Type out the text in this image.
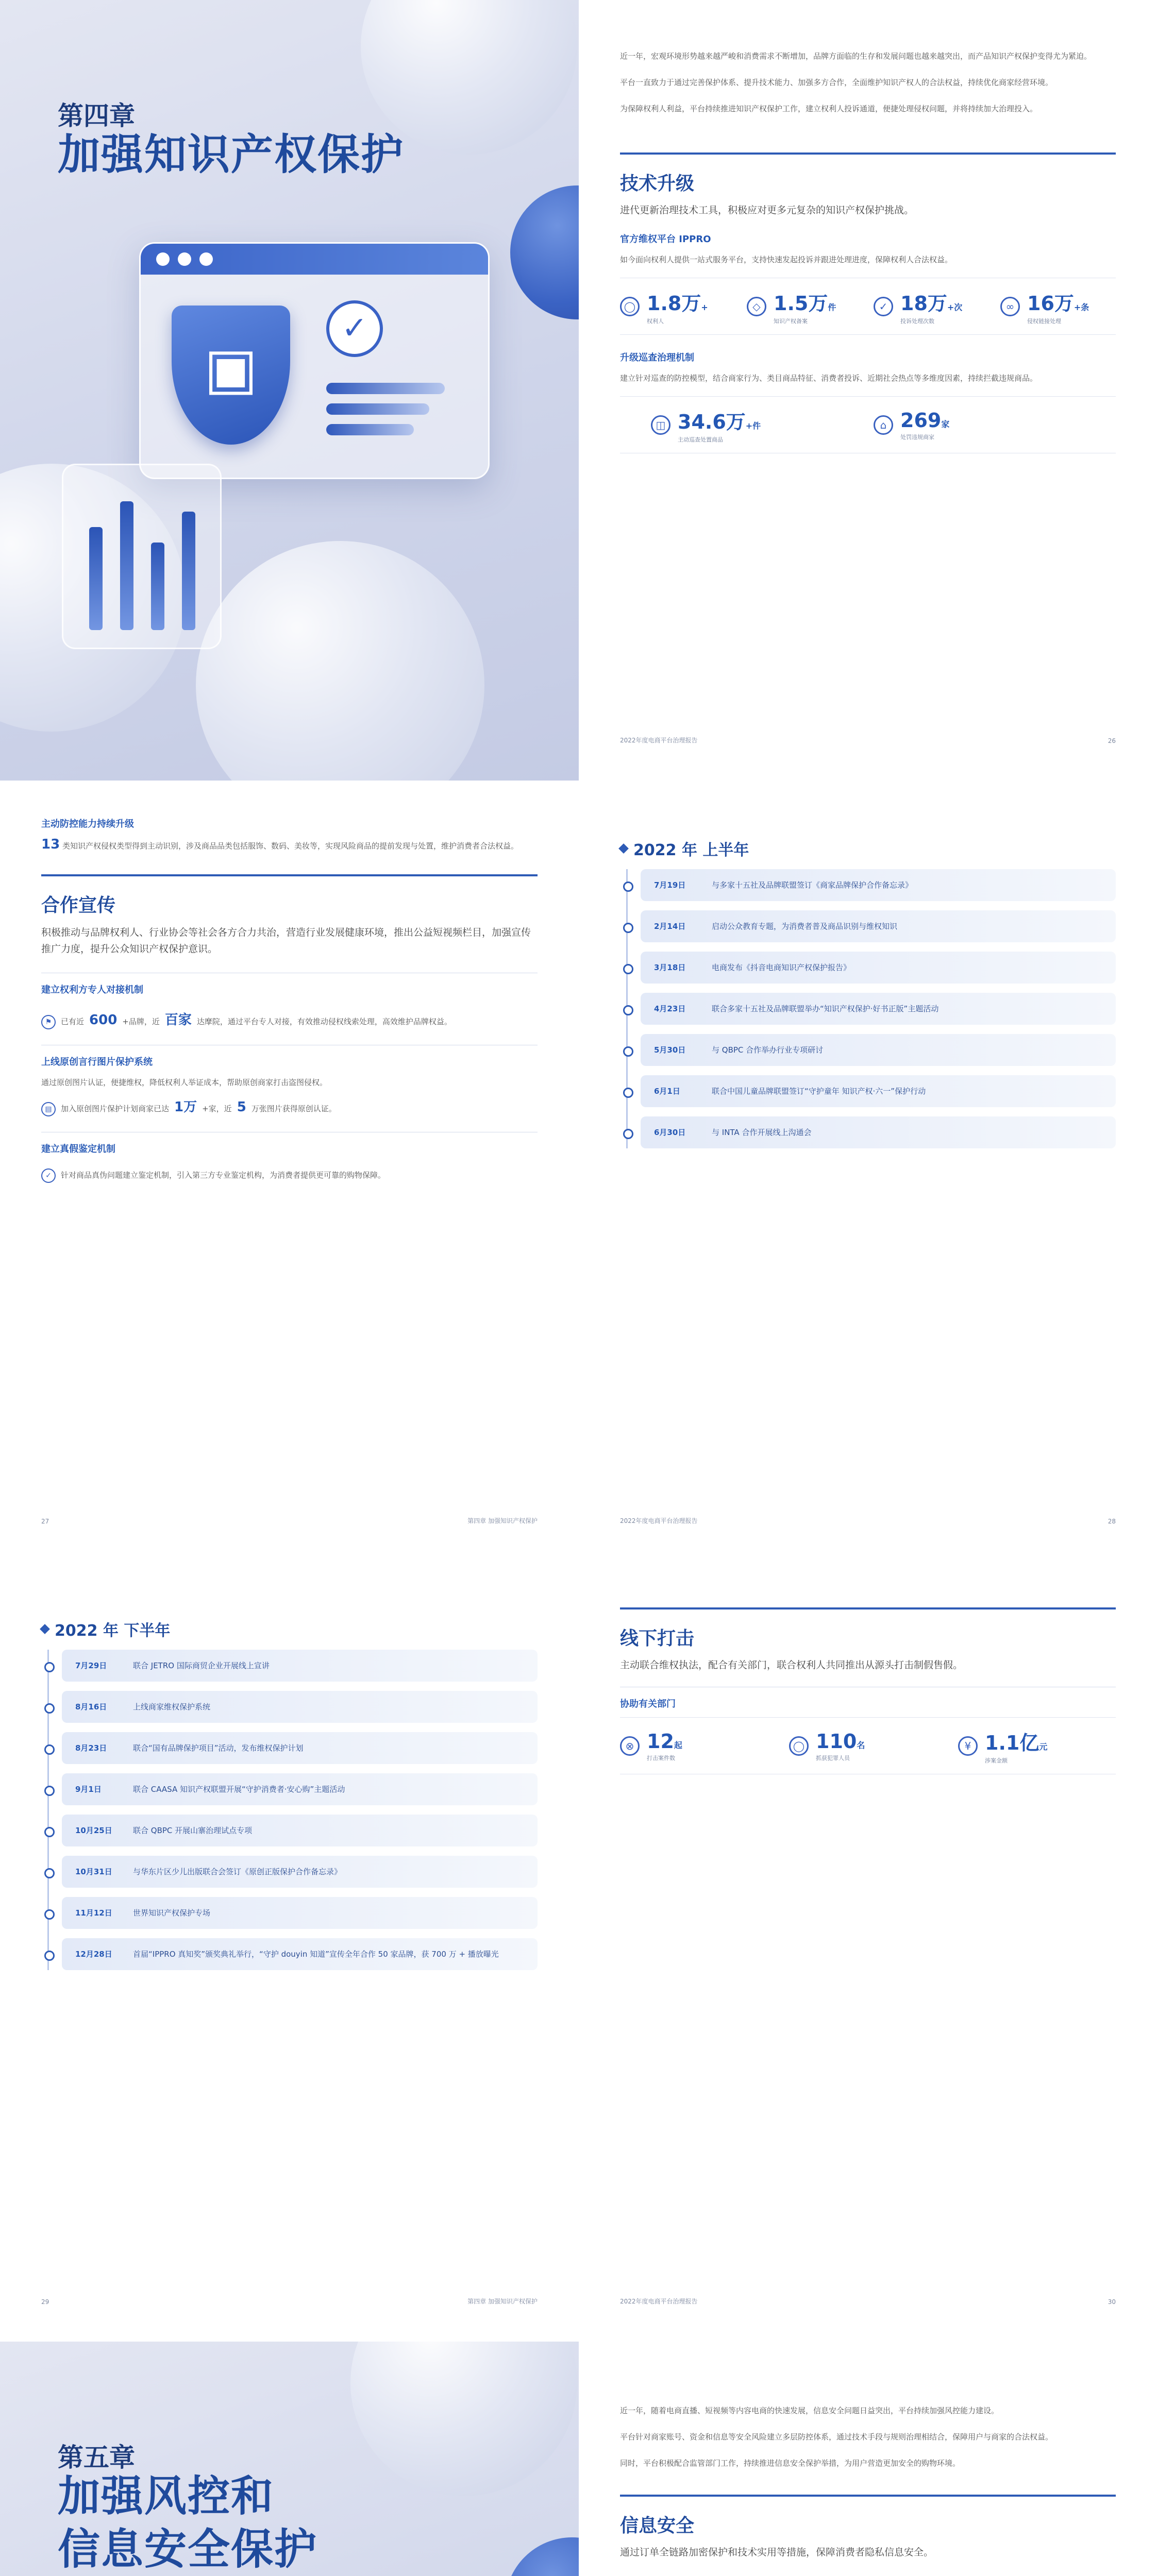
第四章
加强知识产权保护
▣
✓

近一年，宏观环境形势越来越严峻和消费需求不断增加，品牌方面临的生存和发展问题也越来越突出，而产品知识产权保护变得尤为紧迫。

平台一直致力于通过完善保护体系、提升技术能力、加强多方合作，全面维护知识产权人的合法权益，持续优化商家经营环境。

为保障权利人利益，平台持续推进知识产权保护工作，建立权利人投诉通道，便捷处理侵权问题，并将持续加大治理投入。

技术升级
进代更新治理技术工具，积极应对更多元复杂的知识产权保护挑战。
官方维权平台 IPPRO

如今面向权利人提供一站式服务平台，支持快速发起投诉并跟进处理进度，保障权利人合法权益。

◯ 1.8万+
权利人
◇ 1.5万件
知识产权备案
✓ 18万+次
投诉处理次数
∞ 16万+条
侵权链接处理
升级巡查治理机制

建立针对巡查的防控模型，结合商家行为、类目商品特征、消费者投诉、近期社会热点等多维度因素，持续拦截违规商品。

◫ 34.6万+件
主动巡查处置商品
⌂ 269家
处罚违规商家
2022年度电商平台治理报告	26
主动防控能力持续升级

13 类知识产权侵权类型得到主动识别，涉及商品品类包括服饰、数码、美妆等，实现风险商品的提前发现与处置，维护消费者合法权益。

合作宣传
积极推动与品牌权利人、行业协会等社会各方合力共治，营造行业发展健康环境，推出公益短视频栏目，加强宣传推广力度，提升公众知识产权保护意识。
建立权利方专人对接机制
⚑	已有近 600 +品牌，近 百家 达摩院，通过平台专人对接，有效推动侵权线索处理，高效维护品牌权益。
上线原创言行图片保护系统

通过原创图片认证，便捷维权，降低权利人举证成本，帮助原创商家打击盗图侵权。

▤	加入原创图片保护计划商家已达 1万 +家，近 5 万张图片获得原创认证。
建立真假鉴定机制
✓	针对商品真伪问题建立鉴定机制，引入第三方专业鉴定机构，为消费者提供更可靠的购物保障。
27	第四章 加强知识产权保护
2022 年 上半年
7月19日	与多家十五社及品牌联盟签订《商家品牌保护合作备忘录》
2月14日	启动公众教育专题，为消费者普及商品识别与维权知识
3月18日	电商发布《抖音电商知识产权保护报告》
4月23日	联合多家十五社及品牌联盟举办“知识产权保护·好书正版”主题活动
5月30日	与 QBPC 合作举办行业专项研讨
6月1日	联合中国儿童品牌联盟签订“守护童年 知识产权·六一”保护行动
6月30日	与 INTA 合作开展线上沟通会
2022年度电商平台治理报告	28
2022 年 下半年
7月29日	联合 JETRO 国际商贸企业开展线上宣讲
8月16日	上线商家维权保护系统
8月23日	联合“国有品牌保护项目”活动，发布维权保护计划
9月1日	联合 CAASA 知识产权联盟开展“守护消费者·安心购”主题活动
10月25日	联合 QBPC 开展山寨治理试点专项
10月31日	与华东片区少儿出版联合会签订《原创正版保护合作备忘录》
11月12日	世界知识产权保护专场
12月28日	首届“IPPRO 真知奖”颁奖典礼举行，“守护 douyin 知道”宣传全年合作 50 家品牌，获 700 万 + 播放曝光
29	第四章 加强知识产权保护
线下打击
主动联合维权执法，配合有关部门，联合权利人共同推出从源头打击制假售假。
协助有关部门
⊗ 12起
打击案件数
◯ 110名
抓获犯罪人员
¥ 1.1亿元
涉案金额
2022年度电商平台治理报告	30
第五章
加强风控和
信息安全保护

近一年，随着电商直播、短视频等内容电商的快速发展，信息安全问题日益突出，平台持续加强风控能力建设。

平台针对商家账号、资金和信息等安全风险建立多层防控体系，通过技术手段与规则治理相结合，保障用户与商家的合法权益。

同时，平台积极配合监管部门工作，持续推进信息安全保护举措，为用户营造更加安全的购物环境。

信息安全
通过订单全链路加密保护和技术实用等措施，保障消费者隐私信息安全。
